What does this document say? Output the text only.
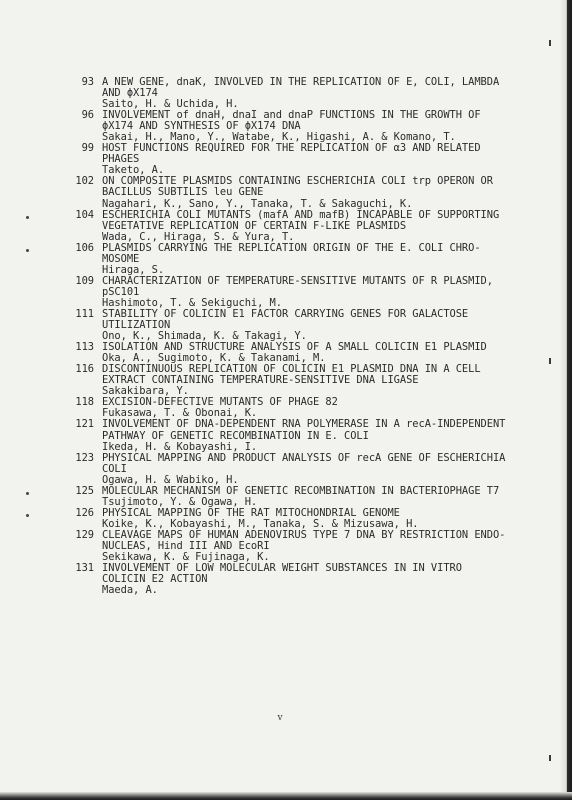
93 A NEW GENE, dnaK, INVOLVED IN THE REPLICATION OF E, COLI, LAMBDA
AND ϕX174
Saito, H. & Uchida, H.
96 INVOLVEMENT of dnaH, dnaI and dnaP FUNCTIONS IN THE GROWTH OF
ϕX174 AND SYNTHESIS OF ϕX174 DNA
Sakai, H., Mano, Y., Watabe, K., Higashi, A. & Komano, T.
99 HOST FUNCTIONS REQUIRED FOR THE REPLICATION OF α3 AND RELATED
PHAGES
Taketo, A.
102 ON COMPOSITE PLASMIDS CONTAINING ESCHERICHIA COLI trp OPERON OR
BACILLUS SUBTILIS leu GENE
Nagahari, K., Sano, Y., Tanaka, T. & Sakaguchi, K.
104 ESCHERICHIA COLI MUTANTS (mafA AND mafB) INCAPABLE OF SUPPORTING
VEGETATIVE REPLICATION OF CERTAIN F-LIKE PLASMIDS
Wada, C., Hiraga, S. & Yura, T.
106 PLASMIDS CARRYING THE REPLICATION ORIGIN OF THE E. COLI CHRO-
MOSOME
Hiraga, S.
109 CHARACTERIZATION OF TEMPERATURE-SENSITIVE MUTANTS OF R PLASMID,
pSC101
Hashimoto, T. & Sekiguchi, M.
111 STABILITY OF COLICIN E1 FACTOR CARRYING GENES FOR GALACTOSE
UTILIZATION
Ono, K., Shimada, K. & Takagi, Y.
113 ISOLATION AND STRUCTURE ANALYSIS OF A SMALL COLICIN E1 PLASMID
Oka, A., Sugimoto, K. & Takanami, M.
116 DISCONTINUOUS REPLICATION OF COLICIN E1 PLASMID DNA IN A CELL
EXTRACT CONTAINING TEMPERATURE-SENSITIVE DNA LIGASE
Sakakibara, Y.
118 EXCISION-DEFECTIVE MUTANTS OF PHAGE 82
Fukasawa, T. & Obonai, K.
121 INVOLVEMENT OF DNA-DEPENDENT RNA POLYMERASE IN A recA-INDEPENDENT
PATHWAY OF GENETIC RECOMBINATION IN E. COLI
Ikeda, H. & Kobayashi, I.
123 PHYSICAL MAPPING AND PRODUCT ANALYSIS OF recA GENE OF ESCHERICHIA
COLI
Ogawa, H. & Wabiko, H.
125 MOLECULAR MECHANISM OF GENETIC RECOMBINATION IN BACTERIOPHAGE T7
Tsujimoto, Y. & Ogawa, H.
126 PHYSICAL MAPPING OF THE RAT MITOCHONDRIAL GENOME
Koike, K., Kobayashi, M., Tanaka, S. & Mizusawa, H.
129 CLEAVAGE MAPS OF HUMAN ADENOVIRUS TYPE 7 DNA BY RESTRICTION ENDO-
NUCLEAS, Hind III AND EcoRI
Sekikawa, K. & Fujinaga, K.
131 INVOLVEMENT OF LOW MOLECULAR WEIGHT SUBSTANCES IN IN VITRO
COLICIN E2 ACTION
Maeda, A.
v
